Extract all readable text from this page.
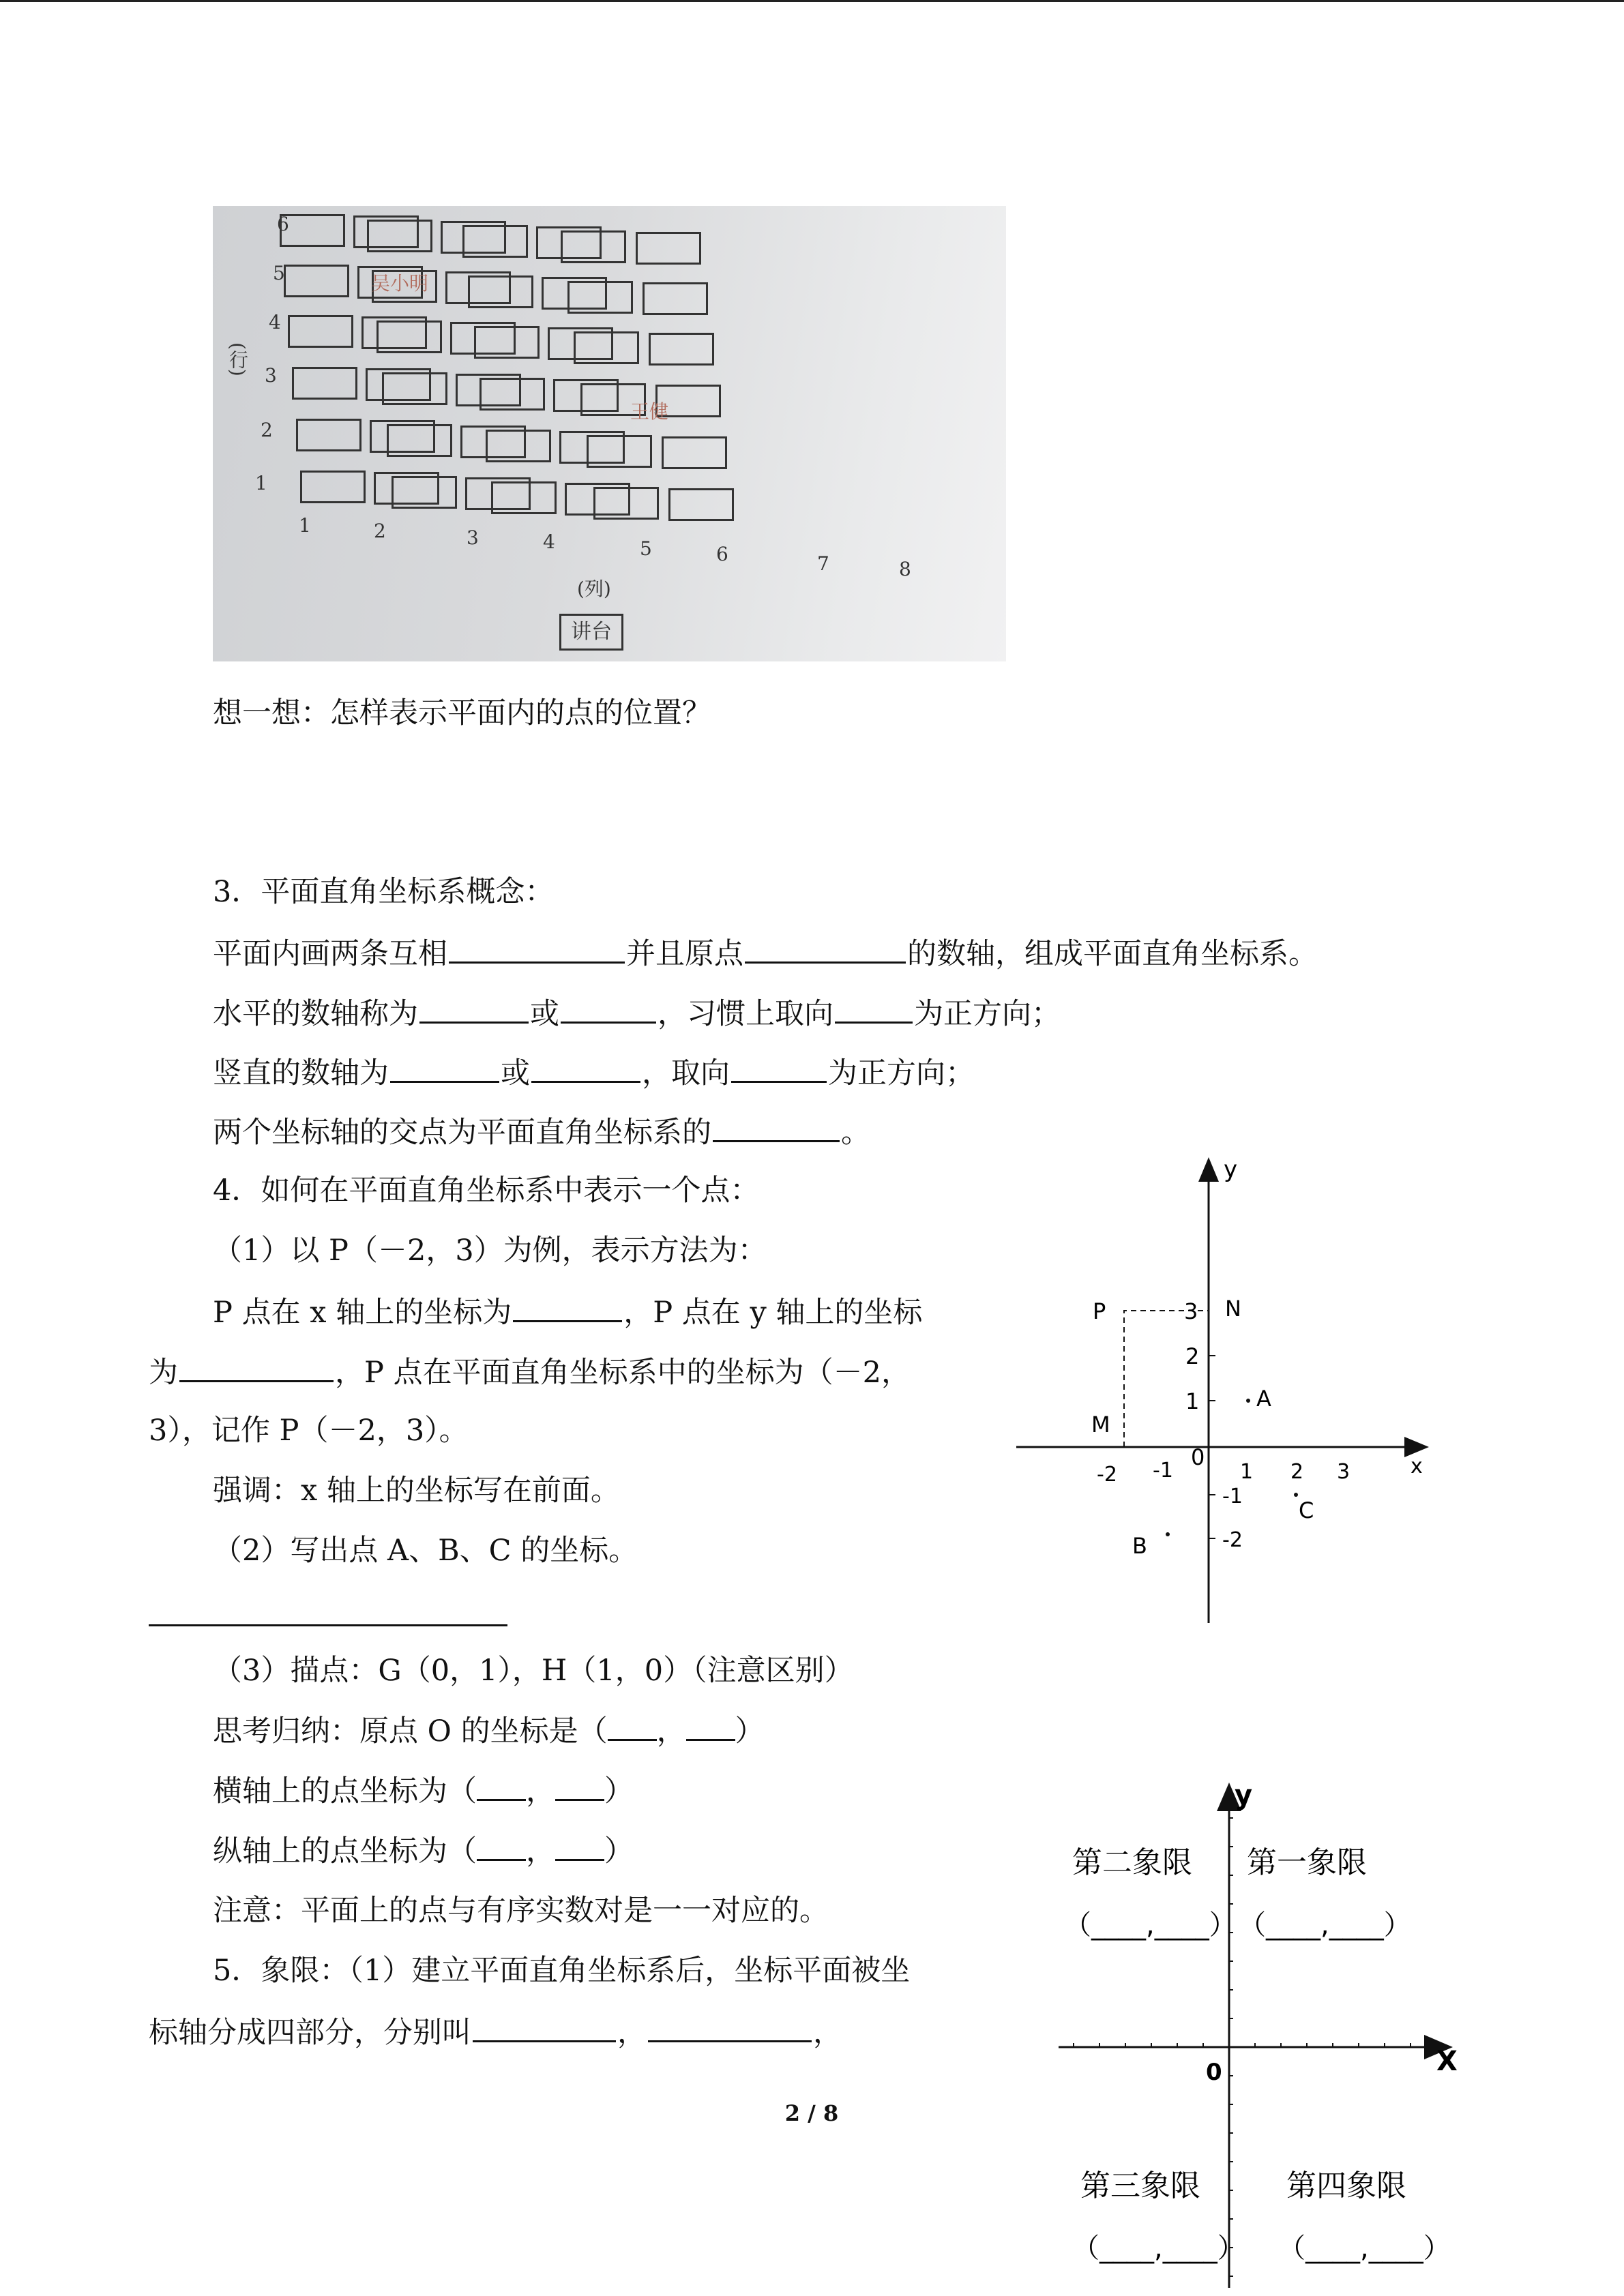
6
5
4
3
2
1
(行)
吴小明
王健
1	2	3	4	5	6	7	8
(列)
讲台
想一想：怎样表示平面内的点的位置？
3．平面直角坐标系概念：
平面内画两条互相	并且原点	的数轴，组成平面直角坐标系。
水平的数轴称为	或	，习惯上取向	为正方向；
竖直的数轴为	或	，取向	为正方向；
两个坐标轴的交点为平面直角坐标系的	。
4．如何在平面直角坐标系中表示一个点：
（1）以 P（－2，3）为例，表示方法为：
P 点在 x 轴上的坐标为	，P 点在 y 轴上的坐标
为	，P 点在平面直角坐标系中的坐标为（－2，
3），记作 P（－2，3）。
强调：x 轴上的坐标写在前面。
（2）写出点 A、B、C 的坐标。
（3）描点：G（0，1），H（1，0）（注意区别）
思考归纳：原点 O 的坐标是（ ， ）
横轴上的点坐标为（ ， ）
纵轴上的点坐标为（ ， ）
注意：平面上的点与有序实数对是一一对应的。
5．象限：（1）建立平面直角坐标系后，坐标平面被坐
标轴分成四部分，分别叫	，	，
2 / 8
y
x
P	3 N
2
1	A
M
0
-2 -1	1 2 3
-1
C
-2
B
y
X
0
第二象限 第一象限
（____,____） （____,____）
第三象限	第四象限
（____,____） （____,____）
